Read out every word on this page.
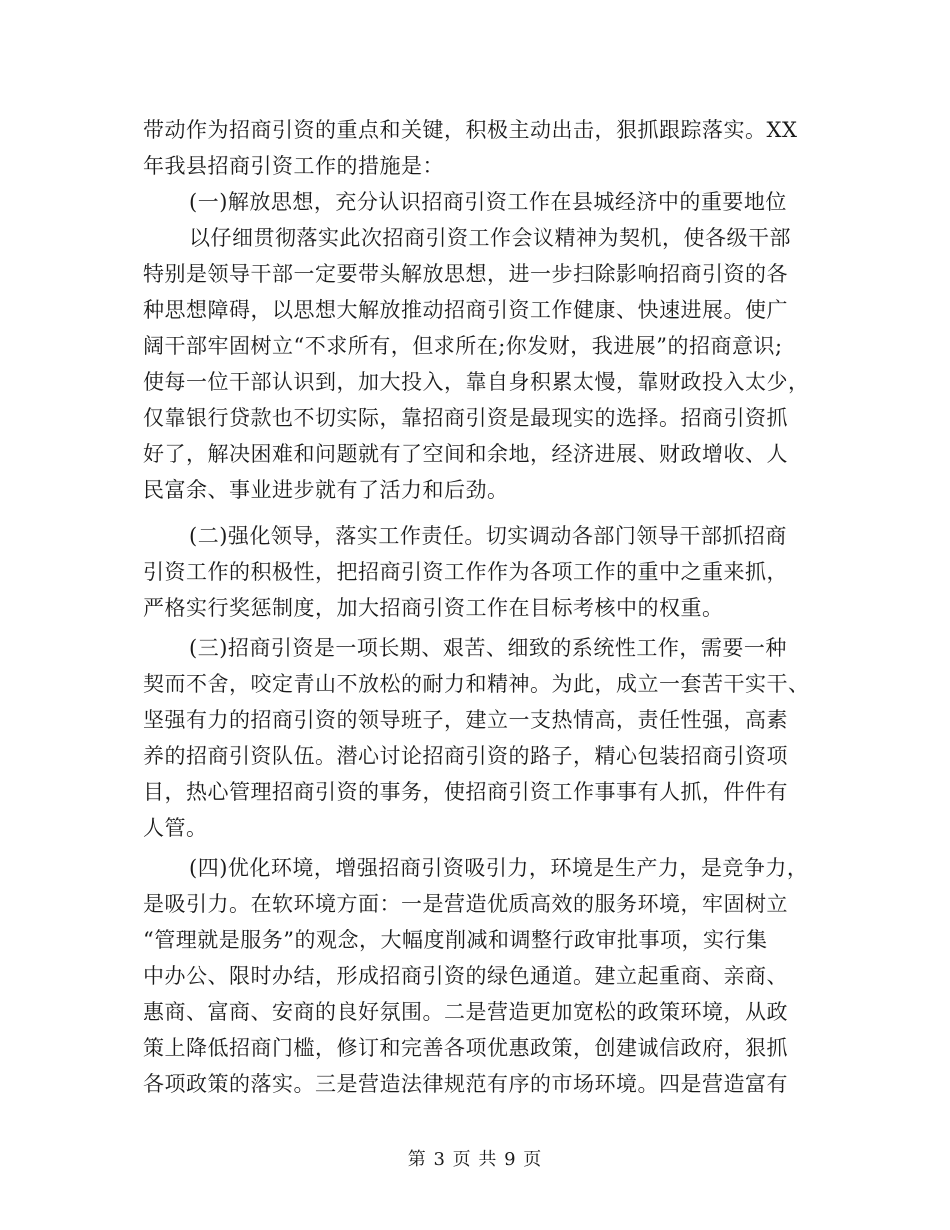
带动作为招商引资的重点和关键，积极主动出击，狠抓跟踪落实。XX
年我县招商引资工作的措施是：
(一)解放思想，充分认识招商引资工作在县城经济中的重要地位
以仔细贯彻落实此次招商引资工作会议精神为契机，使各级干部
特别是领导干部一定要带头解放思想，进一步扫除影响招商引资的各
种思想障碍，以思想大解放推动招商引资工作健康、快速进展。使广
阔干部牢固树立“不求所有，但求所在;你发财，我进展”的招商意识;
使每一位干部认识到，加大投入，靠自身积累太慢，靠财政投入太少，
仅靠银行贷款也不切实际，靠招商引资是最现实的选择。招商引资抓
好了，解决困难和问题就有了空间和余地，经济进展、财政增收、人
民富余、事业进步就有了活力和后劲。
(二)强化领导，落实工作责任。切实调动各部门领导干部抓招商
引资工作的积极性，把招商引资工作作为各项工作的重中之重来抓，
严格实行奖惩制度，加大招商引资工作在目标考核中的权重。
(三)招商引资是一项长期、艰苦、细致的系统性工作，需要一种
契而不舍，咬定青山不放松的耐力和精神。为此，成立一套苦干实干、
坚强有力的招商引资的领导班子，建立一支热情高，责任性强，高素
养的招商引资队伍。潜心讨论招商引资的路子，精心包装招商引资项
目，热心管理招商引资的事务，使招商引资工作事事有人抓，件件有
人管。
(四)优化环境，增强招商引资吸引力，环境是生产力，是竞争力，
是吸引力。在软环境方面：一是营造优质高效的服务环境，牢固树立
“管理就是服务”的观念，大幅度削减和调整行政审批事项，实行集
中办公、限时办结，形成招商引资的绿色通道。建立起重商、亲商、
惠商、富商、安商的良好氛围。二是营造更加宽松的政策环境，从政
策上降低招商门槛，修订和完善各项优惠政策，创建诚信政府，狠抓
各项政策的落实。三是营造法律规范有序的市场环境。四是营造富有
第 3 页 共 9 页
